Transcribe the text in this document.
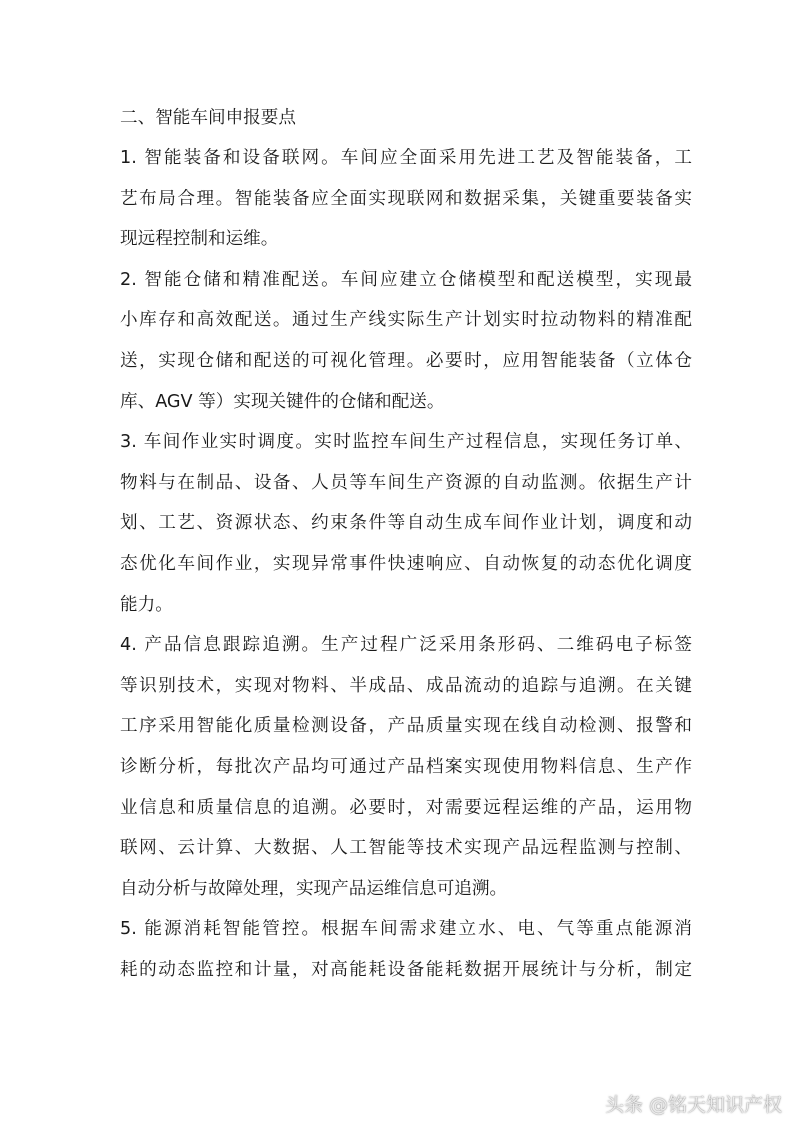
二、智能车间申报要点
1. 智能装备和设备联网。车间应全面采用先进工艺及智能装备，工
艺布局合理。智能装备应全面实现联网和数据采集，关键重要装备实
现远程控制和运维。
2. 智能仓储和精准配送。车间应建立仓储模型和配送模型，实现最
小库存和高效配送。通过生产线实际生产计划实时拉动物料的精准配
送，实现仓储和配送的可视化管理。必要时，应用智能装备（立体仓
库、AGV 等）实现关键件的仓储和配送。
3. 车间作业实时调度。实时监控车间生产过程信息，实现任务订单、
物料与在制品、设备、人员等车间生产资源的自动监测。依据生产计
划、工艺、资源状态、约束条件等自动生成车间作业计划，调度和动
态优化车间作业，实现异常事件快速响应、自动恢复的动态优化调度
能力。
4. 产品信息跟踪追溯。生产过程广泛采用条形码、二维码电子标签
等识别技术，实现对物料、半成品、成品流动的追踪与追溯。在关键
工序采用智能化质量检测设备，产品质量实现在线自动检测、报警和
诊断分析，每批次产品均可通过产品档案实现使用物料信息、生产作
业信息和质量信息的追溯。必要时，对需要远程运维的产品，运用物
联网、云计算、大数据、人工智能等技术实现产品远程监测与控制、
自动分析与故障处理，实现产品运维信息可追溯。
5. 能源消耗智能管控。根据车间需求建立水、电、气等重点能源消
耗的动态监控和计量，对高能耗设备能耗数据开展统计与分析，制定
头条 @铭天知识产权
